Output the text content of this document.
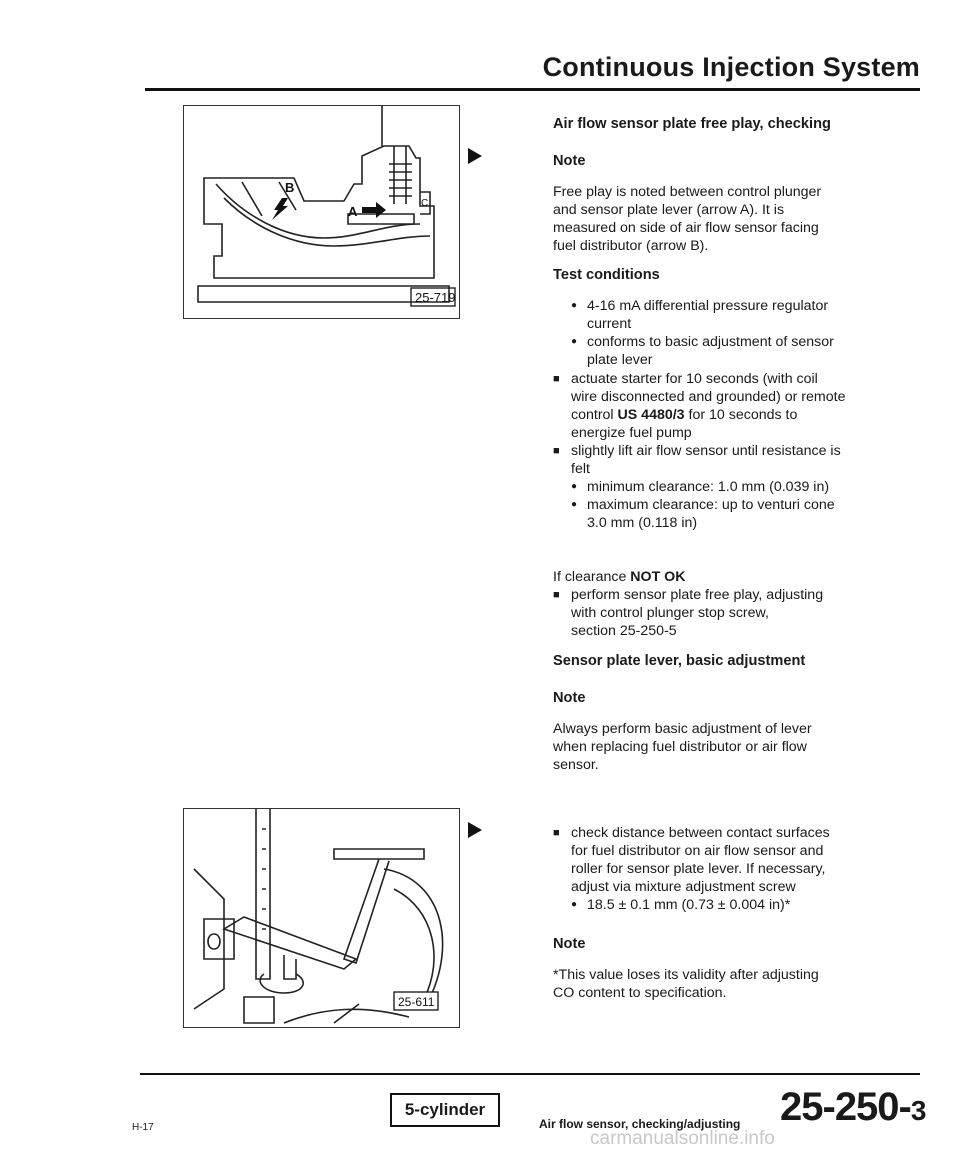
Continuous Injection System
B
A
C
25-719
25-611
Air flow sensor plate free play, checking
Note

Free play is noted between control plunger

and sensor plate lever (arrow A). It is

measured on side of air flow sensor facing

fuel distributor (arrow B).

Test conditions

● 4-16 mA differential pressure regulator

current

● conforms to basic adjustment of sensor

plate lever

■ actuate starter for 10 seconds (with coil

wire disconnected and grounded) or remote

control US 4480/3 for 10 seconds to

energize fuel pump

■ slightly lift air flow sensor until resistance is

felt

● minimum clearance: 1.0 mm (0.039 in)

● maximum clearance: up to venturi cone

3.0 mm (0.118 in)

If clearance NOT OK

■ perform sensor plate free play, adjusting

with control plunger stop screw,

section 25-250-5

Sensor plate lever, basic adjustment
Note

Always perform basic adjustment of lever

when replacing fuel distributor or air flow

sensor.

■ check distance between contact surfaces

for fuel distributor on air flow sensor and

roller for sensor plate lever. If necessary,

adjust via mixture adjustment screw

● 18.5 ± 0.1 mm (0.73 ± 0.004 in)*

Note

*This value loses its validity after adjusting

CO content to specification.

H-17
5-cylinder
Air flow sensor, checking/adjusting 25-250-3
carmanualsonline.info
